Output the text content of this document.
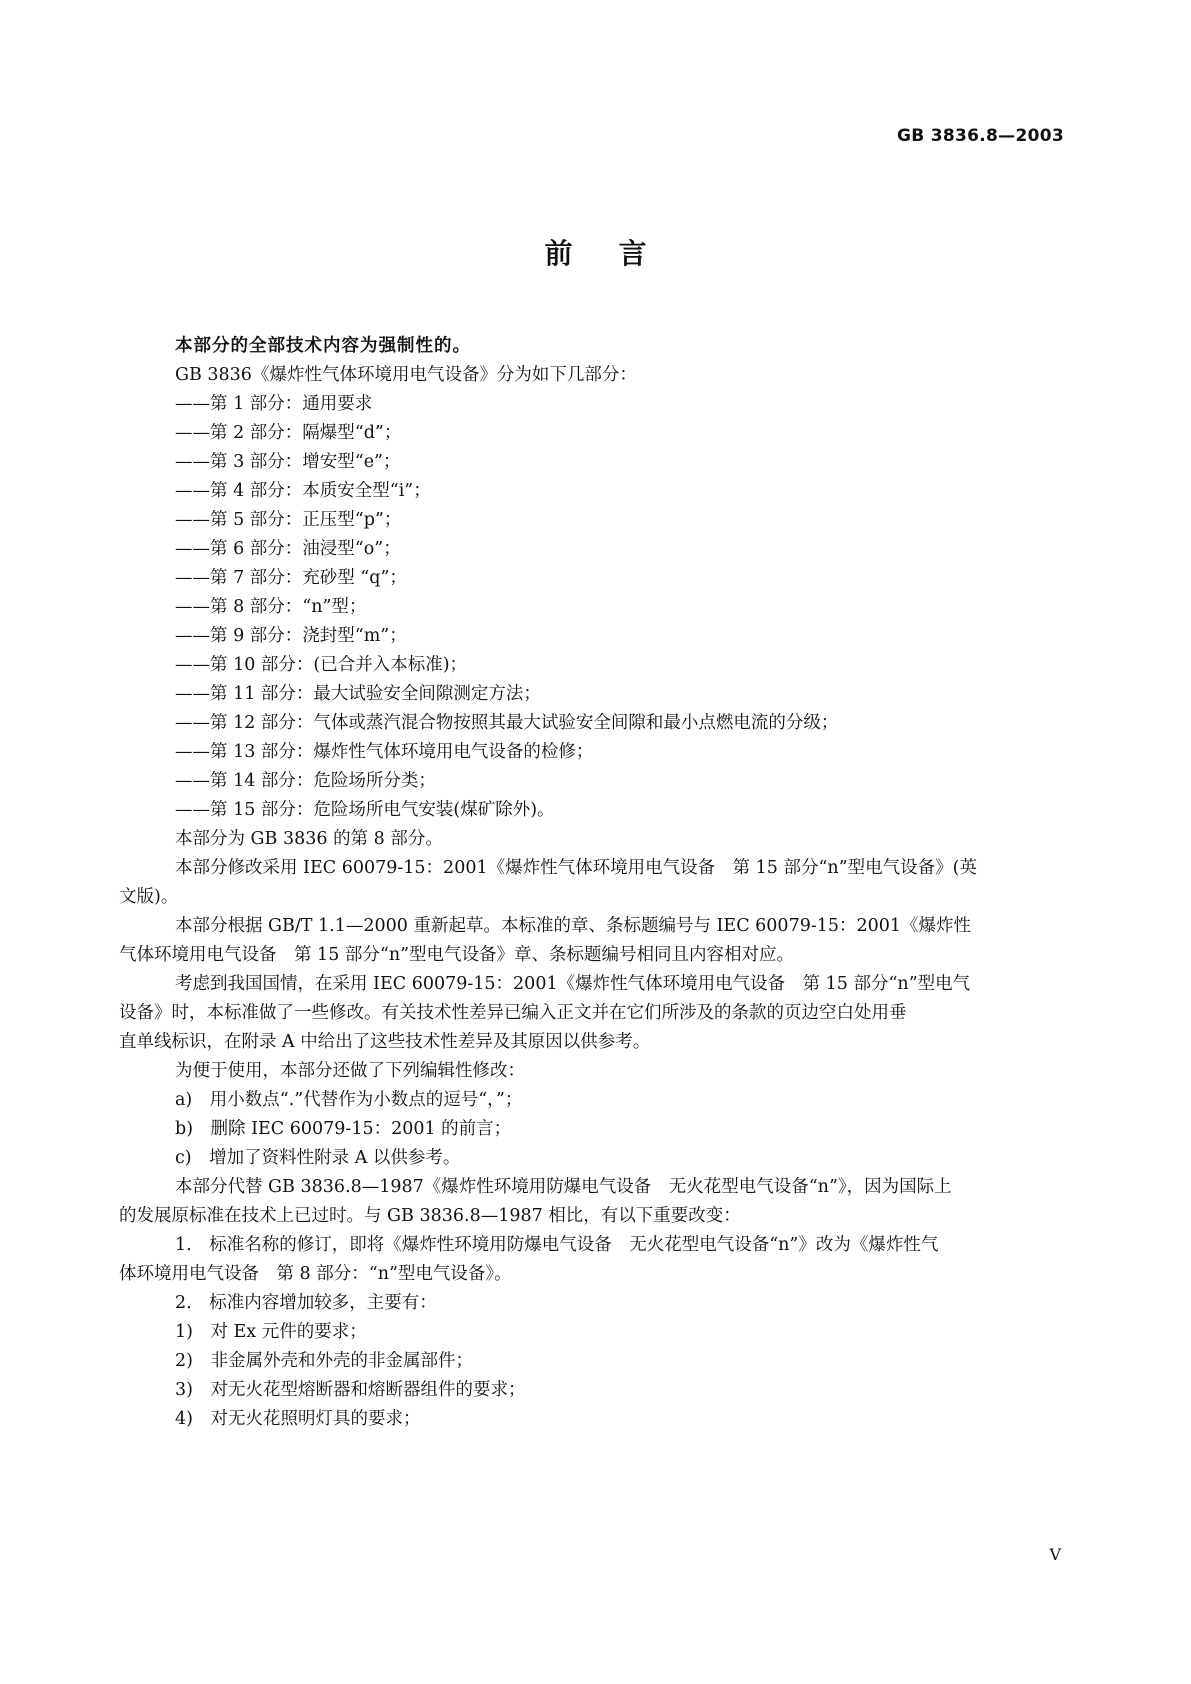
GB 3836.8—2003
前言
本部分的全部技术内容为强制性的。
GB 3836《爆炸性气体环境用电气设备》分为如下几部分：
——第 1 部分：通用要求
——第 2 部分：隔爆型“d”；
——第 3 部分：增安型“e”；
——第 4 部分：本质安全型“i”；
——第 5 部分：正压型“p”；
——第 6 部分：油浸型“o”；
——第 7 部分：充砂型 “q”；
——第 8 部分：“n”型；
——第 9 部分：浇封型“m”；
——第 10 部分：(已合并入本标准)；
——第 11 部分：最大试验安全间隙测定方法；
——第 12 部分：气体或蒸汽混合物按照其最大试验安全间隙和最小点燃电流的分级；
——第 13 部分：爆炸性气体环境用电气设备的检修；
——第 14 部分：危险场所分类；
——第 15 部分：危险场所电气安装(煤矿除外)。
本部分为 GB 3836 的第 8 部分。
本部分修改采用 IEC 60079-15：2001《爆炸性气体环境用电气设备　第 15 部分“n”型电气设备》(英
文版)。
本部分根据 GB/T 1.1—2000 重新起草。本标准的章、条标题编号与 IEC 60079-15：2001《爆炸性
气体环境用电气设备　第 15 部分“n”型电气设备》章、条标题编号相同且内容相对应。
考虑到我国国情，在采用 IEC 60079-15：2001《爆炸性气体环境用电气设备　第 15 部分“n”型电气
设备》时，本标准做了一些修改。有关技术性差异已编入正文并在它们所涉及的条款的页边空白处用垂
直单线标识，在附录 A 中给出了这些技术性差异及其原因以供参考。
为便于使用，本部分还做了下列编辑性修改：
a)　用小数点“.”代替作为小数点的逗号“，”；
b)　删除 IEC 60079-15：2001 的前言；
c)　增加了资料性附录 A 以供参考。
本部分代替 GB 3836.8—1987《爆炸性环境用防爆电气设备　无火花型电气设备“n”》，因为国际上
的发展原标准在技术上已过时。与 GB 3836.8—1987 相比，有以下重要改变：
1.　标准名称的修订，即将《爆炸性环境用防爆电气设备　无火花型电气设备“n”》改为《爆炸性气
体环境用电气设备　第 8 部分：“n”型电气设备》。
2.　标准内容增加较多，主要有：
1)　对 Ex 元件的要求；
2)　非金属外壳和外壳的非金属部件；
3)　对无火花型熔断器和熔断器组件的要求；
4)　对无火花照明灯具的要求；
V
